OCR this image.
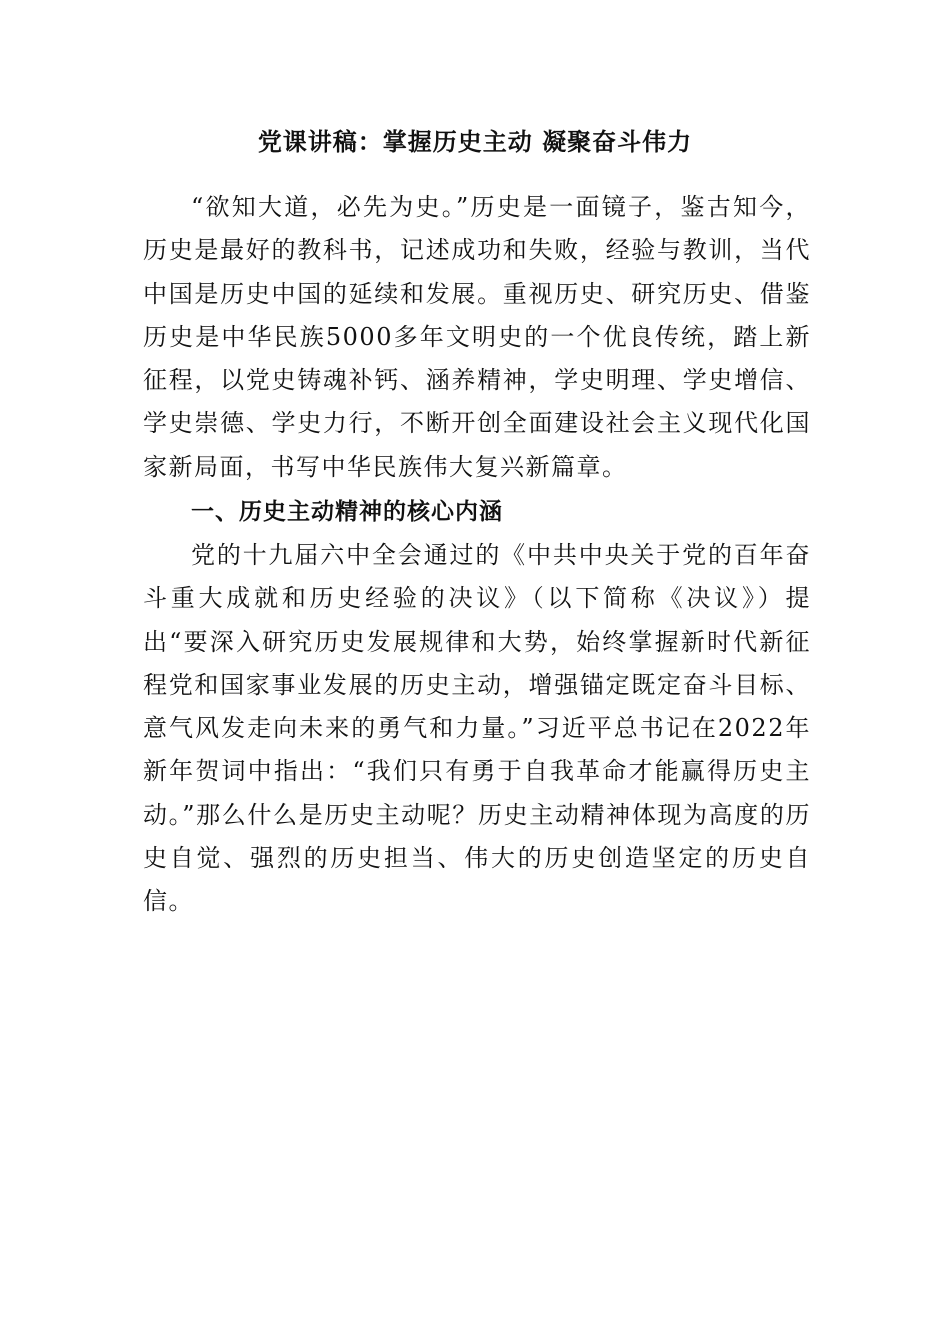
党课讲稿：掌握历史主动 凝聚奋斗伟力

“欲知大道，必先为史。”历史是一面镜子，鉴古知今，历史是最好的教科书，记述成功和失败，经验与教训，当代中国是历史中国的延续和发展。重视历史、研究历史、借鉴历史是中华民族5000多年文明史的一个优良传统，踏上新征程，以党史铸魂补钙、涵养精神，学史明理、学史增信、学史崇德、学史力行，不断开创全面建设社会主义现代化国家新局面，书写中华民族伟大复兴新篇章。

一、历史主动精神的核心内涵

党的十九届六中全会通过的《中共中央关于党的百年奋斗重大成就和历史经验的决议》（以下简称《决议》）提出“要深入研究历史发展规律和大势，始终掌握新时代新征程党和国家事业发展的历史主动，增强锚定既定奋斗目标、意气风发走向未来的勇气和力量。”习近平总书记在2022年新年贺词中指出：“我们只有勇于自我革命才能赢得历史主动。”那么什么是历史主动呢？历史主动精神体现为高度的历史自觉、强烈的历史担当、伟大的历史创造坚定的历史自信。
